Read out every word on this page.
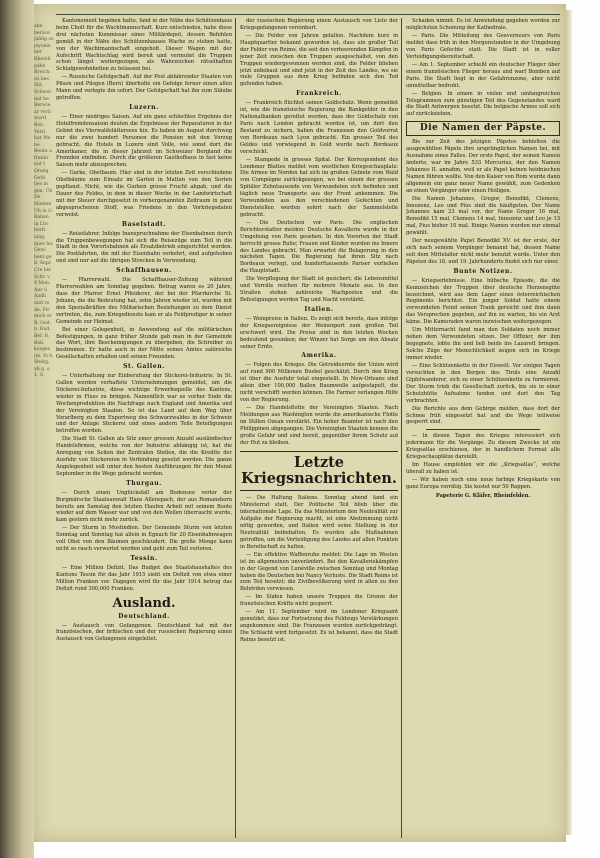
abe beräce juälig so jeyuëie ber Rheinli pabe Breich: wi bes Stä Schwei mit be Berwie ar verli wurd Bon Vetri bar We be Beute a frankr nut t Orang Gefd bes in gen. Üb De blieben Uh in G Baben in Lbc berlt. lang, mier bic Gewi bent ge 8. Sepr. Cre bie Schr. v 9 Mon. Aus ü Aadli und re de, Fir mich er B. Ged. n. Rud. Bef, B. Bob. kusges (m. 8) b. Steitg, ab g. s. 1. S.

Kantonement begeben hatte, fand in der Nähe des Schützenhaus beim Cholt für die Wachtmannschaft. Kurz entschieden, habe diese drei nächsten Kommissar eines Militärdepot, dessen Befehlen gemäß in der Nähe des Schützenhauses Wache zu stehen hatte, von der Wachtmannschaft eingeholt. Dieser Wagen mit der Aufschrift Wachtschlag wird bereit und vermutet die Truppen schon längst weitergezogen, als Wahrzeichen rätselhaften Schlafgewohnheiten zu belassen bei.

— Russische Gefolgschaft. Auf der Post abfahrender Staaten von Pilsen und Pilsgen (Bern) überholte ein Gefolge ferner einen allen Mann und verlegte ihn sofort. Der Gefolgschaft hat ihn zum Stäube getroffen.

Luzern.

— Einer niedriges Saison. Auf ein ganz schlechtes Ergebnis der Hotelfremdensaison deuten die Ergebnisse der Reparaturen in der Gebiet des Vierwaldstättersees hin. Es haben im August durchweg nur die zwei hundert Personen die Pension mit den Vorzug gebracht, die Hotels in Luzern sind Volle, wie sonst dort die Amerikaner, die in dieser Jahrzeit im Schweizer Bergland die Fremden einfinden. Durch die größeren Gasthofhaus in fast keine Saison mehr abzusprechen.

— Gurke, Obstbaum. Hier sind in der letzten Zeit verschiedene Obstbäume zum Einsatz im Garten in Matten von den Sorten gepflanzt. Nicht, wie die Gurken grosse Frucht abgab, und die Dauer des Feldes, in dem in dieser Woche in der Landwirtschaft mit der Steuer durchgesetzt in vorhergenannten Zeitraum in ganz abgesprochenen Stoff, was Friedens in den Vorkriegsdaten verweist.

Baselstadt.

— Reisefahrer. Infolge Inanspruchnahme der Eisenbahnen durch die Truppenbewegungen hat sich die Reisezüge zum Teil in die Stadt in den Vorortsbahnen als Ersatzbetrieb eingerichtet worden. Die Postfahrten, die mit der Eisenbahn verkehrt, sind aufgehoben und sind nur auf die übrigen Strecken in Verwendung.

Schaffhausen.

— Pfarrerwahl. Die Schaffhauser-Zeitung während Pfarrerwahlen am Sonntag gegeben. Betrag waren es 20 Jahre, dass der Pfarrer Ernst Pfleiderer, der bei der Pfarrkirche St. Johann, die die Bedeutung hat, zehn Jahren wieder ist, wurden mit den Spezialkräften des Militarischen Beziehungen zu dem Dienst vertreten, die, zum Kriegsdienste kam er als Feldprediger in seiner Gemeinde zur Heimat.

Bei einer Gelegenheit, in Anwendung auf die militärischen Befestigungen, in ganz früher Stunde gab man in der Gemeinde das Wort, ihre Bescheinigungen zu übergeben, die Schreiber zu bestimmen. Er hatte auch in der Mitte seines Amtes zahlreiche Gesellschaften erhalten und seinen Freunden.

St. Gallen.

— Unterhaltung zur Einberufung der Stickerei-Industrie. In St. Gallen werden verhaftete Unternehmungen gemeldet, um die Stickerei-Industrie, diese wichtige Erwerbsquelle des Kantons, wieder in Fluss zu bringen. Namentlich war es vorher Ende die Wochenproduktion die Nachfrage nach England und Amerika und der Vereinigten Staaten. So ist das Land auf dem Weg über Vorarlberg zu dem Exportweg des Schwarzwaldes in der Schweiz und der Anlage Stickerei und eines andern Teile Beteiligungen betroffen worden.

Die Stadt St. Gallen als Sitz einer grossen Anzahl ausländischer Handelsfirmen, welche von der Industrie abhängig ist, hat die Anregung von Seiten der Zentralen Stellen, die die Kredite der Ausfuhr von Stickereien in Verbindung gesetzt werden. Die ganze Angelegenheit soll unter den besten Ausführungen für den Monat September in die Wege gebracht werden.

Thurgau.

— Durch einen Unglücksfall am Bodensee verlor der Burgmärsche Staatsanwalt Hans Allenspach, der aus Romanshorn bereits am Samstag den letzten Haufen Arbeit mit seinem Boote wieder auf dem Wasser war und von den Wellen überrascht wurde, kam gestern nicht mehr zurück.

— Der Sturm in Mostindien. Der Gemeinde Sturm von letzten Sonntag und Sonntag hat allein in Egnach für 20 Eisenbahnwagen voll Obst von den Bäumen geschleudert. Die große Menge kann nicht so rasch verwertet werden und geht zum Teil verloren.

Tessin.

— Eine Million Defizit. Das Budget des Staatshaushaltes des Kantons Tessin für das Jahr 1915 sieht ein Defizit von etwa einer Million Franken vor. Dagegen wird für das Jahr 1914 betrug das Defizit rund 300,000 Franken.

Ausland.
Deutschland.

— Austausch von Gefangenen. Deutschland hat mit der französischen, der britischen und der russischen Regierung einen Austausch von Gefangenen eingeleitet.

der russischen Regierung einen Austausch von Liste der Kriegsgefangenen vereinbart.

— Die Felder von Jahren gefallen. Nachdem kurz in Hauptquartier bekannt geworden ist, dass ein großer Teil der Felder von Reims, die seit den verheerenden Kämpfen in jener Zeit zwischen den Truppen ausgeschaltet, von den Truppen wiedergewonnen worden sind, die Felder blieben jetzt unbebaut und sind jetzt in der Zeit des Landes, wo sie viele Gruppen aus dem Krieg befinden sich den Tod gefunden haben.

Frankreich.

— Frankreich flüchtet seinen Goldschatz. Wenn gemeldet ist, wie die französische Regierung die Bankgelder in den Nationalbanken gerettet werden, dass der Goldschatz von Paris nach London gebracht worden ist, um dort den Bestand zu sichern, haben die Franzosen den Goldvorrat von Bordeaux nach Lyon gebracht. Ein grosser Teil des Geldes und vorwiegend in Gold wurde nach Bordeaux verschickt.

— Stampede in grosses Spital. Der Korrespondent des Londoner Blattes meldet vom westlichen Kriegsschauplatz: Die Armee im Norden hat sich im großen Gebiete vom Wald von Compiègne zurückgezogen, wo bei einem der grossen Spitäler Zehntausende von Verwundeten sich befinden und täglich neue Transporte aus der Front ankommen. Die Verwundeten aus den verschiedenen Gefechten und Dienststellen werden sofort nach der Sammelstelle gebracht.

— Die Deutschen vor Paris. Die englischen Berichterstatter melden: Deutsche Kavallerie wurde in der Umgebung von Paris gesehen. In den Vororten der Stadt herrscht grosse Ruhe; Frauen und Kinder wurden ins Innere des Landes gebracht. Man erwartet die Belagerung in den nächsten Tagen. Die Regierung hat ihren Sitz nach Bordeaux verlegt, und hunderttausende Pariser verließen die Hauptstadt.

Die Verpflegung der Stadt ist gesichert; die Lebensmittel und Vorräte reichen für mehrere Monate aus. In den Straßen stehen zahlreiche Wachposten und die Befestigungen werden Tag und Nacht verstärkt.

Italien.

— Weinpreise in Italien. Es zeigt sich bereits, dass infolge der Kriegsereignisse der Weinexport zum großen Teil erschwert wird. Die Preise sind in den letzten Wochen bedeutend gesunken; der Winzer hat Sorge um den Absatz seiner Ernte.

Amerika.

— Folgen des Krieges. Die Getreideernte der Union wird auf rund 900 Millionen Bushel geschätzt. Durch den Krieg ist über die Ausfuhr total eingestellt. In New-Orleans sind allein über 100,000 Ballen Baumwolle aufgestapelt, die nicht verschifft werden können. Die Farmer verlangen Hilfe von der Regierung.

— Die Handelsflotte der Vereinigten Staaten. Nach Meldungen aus Washington wurde die amerikanische Flotte im Stillen Ozean verstärkt. Ein hoher Beamter ist nach den Philippinen abgegangen. Die Vereinigten Staaten kennen die große Gefahr und sind bereit, gegenüber ihrem Schutz auf der Hut zu bleiben.

Letzte Kriegsnachrichten.

— Die Haltung Italiens. Sonntag abend fand ein Ministerrat statt. Der Politische Teil blieb über die internationale Lage. Da das Ministerium den Neutralität zur Aufgabe der Regierung macht, ist eine Abstimmung nicht nötig geworden, und Italien wird seine Stellung in der Neutralität beibehalten. Es wurden alle Maßnahmen getroffen, um die Verteidigung des Landes auf allen Punkten in Bereitschaft zu halten.

— Ein effektive Waffenruhe meldet: Die Lage im Westen ist im allgemeinen unverändert. Bei den Kavalleriekämpfen in der Gegend von Lunéville zwischen Sonntag und Montag haben die Deutschen bei Nancy Verluste. Die Stadt Reims ist zum Teil besetzt; die Zivilbevölkerung wird in allen zu den Behörden verwiesen.

— Im Süden haben unsere Truppen die Grenze der französischen Kräfte nicht gesperrt.

— Am 11. September wird im Londoner Kriegsamt gemeldet, dass zur Fortsetzung des Feldzugs Verstärkungen angekommen sind. Die Franzosen wurden zurückgedrängt. Die Schlacht wird fortgesetzt. Es ist bekannt, dass die Stadt Reims besetzt ist.

Schaden nimmt. Es ist Anwendung gegeben worden zur möglichsten Schonung der Kathedrale.

— Paris. Die Mitteilung des Gouverneurs von Paris meldet dass früh in den Morgenstunden in der Umgebung von Paris Gefechte statt. Die Stadt ist in voller Verteidigungsbereitschaft.

— Am 1. September schießt ein deutscher Flieger über einem französischen Flieger heraus und warf Bomben auf Paris. Die Stadt liegt in der Gefahrenzone, aber nicht unmittelbar bedroht.

— Belgien. In einem in vielen und umfangreichen Telegrammen zum günstigen Teil des Gegenstandes ward die Stadt Antwerpen besetzt. Die belgische Armee soll sich auf zurückziehen.

Die Namen der Päpste.

Bis zur Zeit des jetzigen Päpstes behielten die ausgewählten Päpste ihre ursprünglichen Namen bei, mit Ausnahme eines Falles. Der erste Papst, der seinen Namen änderte, war im Jahre 533 Mercurius, der den Namen Johannes II. annahm, weil er als Papst keinen heidnischen Namen führen wollte. Von den Kaiser von Rom wurde dann allgemein ein ganz neuer Name gewählt, zum Gedenken an einen Vorgänger oder einen Heiligen.

Die Namen Johannes, Gregor, Benedikt, Clemens, Innozenz, Leo und Pius sind die häufigsten. Der Name Johannes kam 23 mal vor, der Name Gregor 16 mal, Benedikt 15 mal, Clemens 14 mal, Innozenz und Leo je 13 mal, Pius bisher 10 mal. Einige Namen wurden nur einmal gewählt.

Der neugewählte Papst Benedikt XV. ist der erste, der sich nach seinem Vorgänger benannt hat, dessen Name seit dem Mittelalter nicht mehr benutzt wurde. Unter den Päpsten des 18. und 19. Jahrhunderts findet sich nur einer.

Bunte Notizen.

— Kriegserlebnisse. Eine hübsche Episode, die die Kennzeichen der Truppen über deutsche Herzensgüte bezeichnet, wird aus dem Lager eines österreichischen Regiments berichtet. Ein junger Soldat hatte einem verwundeten Feind seinen Trank gereicht und ihm dann das Versprechen gegeben, auf ihn zu warten, bis ein Arzt käme. Die Kameraden waren inzwischen weitergezogen.

Um Mitternacht fand man den Soldaten noch immer neben dem Verwundeten sitzen. Der Offizier, der ihm begegnete, lobte ihn und ließ beide ins Lazarett bringen. Solche Züge der Menschlichkeit zeigen sich im Kriege immer wieder.

— Eine Schützenkette in der Eiswelt. Vor einigen Tagen versuchten in den Bergen des Tirols eine Anzahl Gipfelwanderer, sich zu einer Schützenkette zu formieren. Der Sturm trieb die Gesellschaft zurück, bis sie in einer Schutzhütte Aufnahme fanden und dort den Tag verbrachten.

Die Berichte aus dem Gebirge melden, dass dort der Schnee früh eingesetzt hat und die Wege teilweise gesperrt sind.

— In diesen Tagen des Krieges interessiert sich jedermann für die Vorgänge. Zu diesem Zwecke ist ein Kriegsatlas erschienen, der in handlichem Format alle Kriegsschauplätze darstellt.

Im Hause empfehlen wir die „Kriegsatlas“, welche überall zu haben ist.

— Wir haben noch eine neue farbige Kriegskarte von ganz Europa vorrätig. Sie kostet nur 50 Rappen.

Papeterie G. Kläfer, Rheinfelden.
